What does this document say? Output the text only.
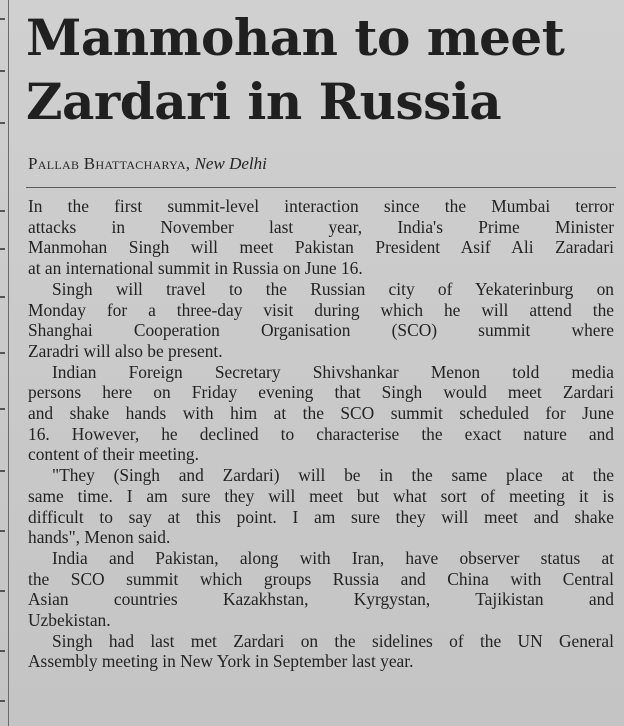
Manmohan to meet
Zardari in Russia
Pallab Bhattacharya, New Delhi

In the first summit-level interaction since the Mumbai terror
attacks in November last year, India's Prime Minister
Manmohan Singh will meet Pakistan President Asif Ali Zaradari
at an international summit in Russia on June 16.

Singh will travel to the Russian city of Yekaterinburg on
Monday for a three-day visit during which he will attend the
Shanghai Cooperation Organisation (SCO) summit where
Zaradri will also be present.

Indian Foreign Secretary Shivshankar Menon told media
persons here on Friday evening that Singh would meet Zardari
and shake hands with him at the SCO summit scheduled for June
16. However, he declined to characterise the exact nature and
content of their meeting.

"They (Singh and Zardari) will be in the same place at the
same time. I am sure they will meet but what sort of meeting it is
difficult to say at this point. I am sure they will meet and shake
hands", Menon said.

India and Pakistan, along with Iran, have observer status at
the SCO summit which groups Russia and China with Central
Asian countries Kazakhstan, Kyrgystan, Tajikistan and
Uzbekistan.

Singh had last met Zardari on the sidelines of the UN General
Assembly meeting in New York in September last year.
